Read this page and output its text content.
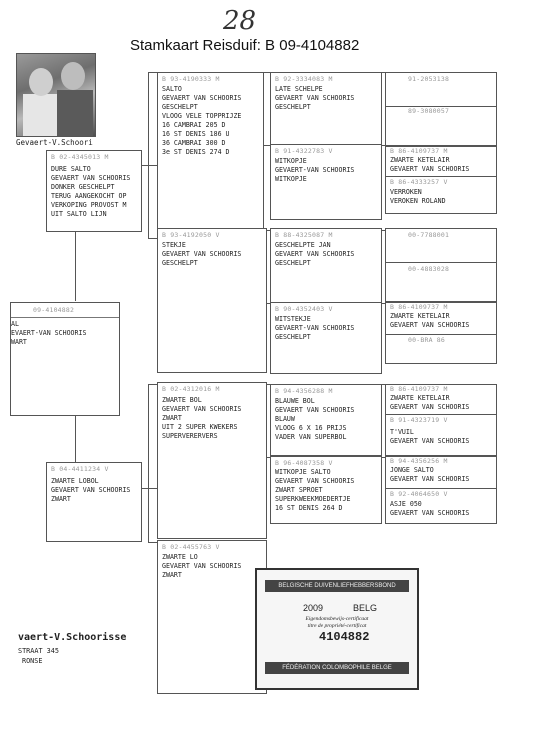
28
Stamkaart Reisduif: B 09-4104882
Gevaert-V.Schoori
09-4104882
AL
EVAERT-VAN SCHOORIS
WART
B 02-4345013 M
DURE SALTO
GEVAERT VAN SCHOORIS
DONKER GESCHELPT
TERUG AANGEKOCHT OP
VERKOPING PROVOST M
UIT SALTO LIJN
B 04-4411234 V
ZWARTE LOBOL
GEVAERT VAN SCHOORIS
ZWART
B 93-4190333 M
SALTO
GEVAERT VAN SCHOORIS
GESCHELPT
VLOOG VELE TOPPRIJZE
16 CAMBRAI 205 D
16 ST DENIS 186 U
36 CAMBRAI 300 D
3e ST DENIS 274 D
B 93-4192050 V
STEKJE
GEVAERT VAN SCHOORIS
GESCHELPT
B 02-4312016 M
ZWARTE BOL
GEVAERT VAN SCHOORIS
ZWART
UIT 2 SUPER KWEKERS
SUPERVERERVERS
B 02-4455763 V
ZWARTE LO
GEVAERT VAN SCHOORIS
ZWART
B 92-3334083 M
LATE SCHELPE
GEVAERT VAN SCHOORIS
GESCHELPT
B 91-4322783 V
WITKOPJE
GEVAERT-VAN SCHOORIS
WITKOPJE
B 88-4325087 M
GESCHELPTE JAN
GEVAERT VAN SCHOORIS
GESCHELPT
B 90-4352403 V
WITSTEKJE
GEVAERT-VAN SCHOORIS
GESCHELPT
B 94-4356288 M
BLAUWE BOL
GEVAERT VAN SCHOORIS
BLAUW
VLOOG 6 X 16 PRIJS
VADER VAN SUPERBOL
B 96-4087358 V
WITKOPJE SALTO
GEVAERT VAN SCHOORIS
ZWART SPROET
SUPERKWEEKMOEDERTJE
16 ST DENIS 264 D
91-2053138
89-3080057
B 86-4109737 M
ZWARTE KETELAIR
GEVAERT VAN SCHOORIS
B 86-4333257 V
VERROKEN
VEROKEN ROLAND
00-7788001
00-4883028
B 86-4109737 M
ZWARTE KETELAIR
GEVAERT VAN SCHOORIS
00-BRA 86
B 86-4109737 M
ZWARTE KETELAIR
GEVAERT VAN SCHOORIS
B 91-4323719 V
T'VUIL
GEVAERT VAN SCHOORIS
B 94-4356256 M
JONGE SALTO
GEVAERT VAN SCHOORIS
B 92-4064650 V
ASJE 050
GEVAERT VAN SCHOORIS
vaert-V.Schoorisse
STRAAT 345
RONSE
BELGISCHE DUIVENLIEFHEBBERSBOND
2009	BELG
Eigendomsbewijs-certificaat
titre de propriété-certificat
4104882
FÉDÉRATION COLOMBOPHILE BELGE
